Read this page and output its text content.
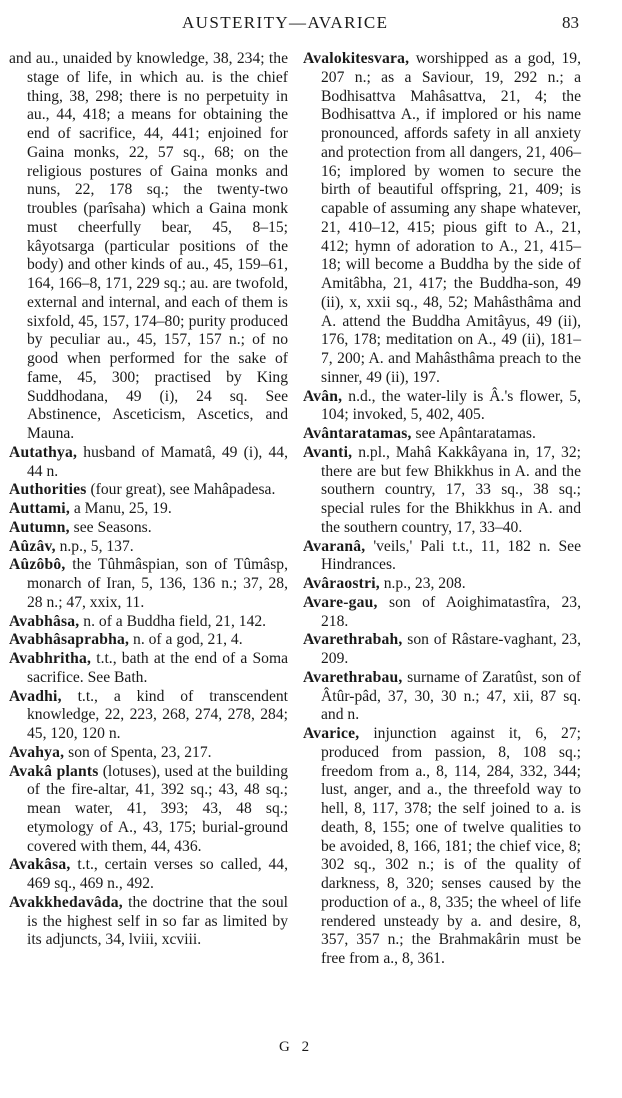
AUSTERITY—AVARICE	83

and au., unaided by knowledge, 38, 234; the stage of life, in which au. is the chief thing, 38, 298; there is no perpetuity in au., 44, 418; a means for obtaining the end of sacrifice, 44, 441; enjoined for Gaina monks, 22, 57 sq., 68; on the religious postures of Gaina monks and nuns, 22, 178 sq.; the twenty-two troubles (parîsaha) which a Gaina monk must cheerfully bear, 45, 8–15; kâyotsarga (particular positions of the body) and other kinds of au., 45, 159–61, 164, 166–8, 171, 229 sq.; au. are twofold, external and internal, and each of them is sixfold, 45, 157, 174–80; purity produced by peculiar au., 45, 157, 157 n.; of no good when performed for the sake of fame, 45, 300; practised by King Suddhodana, 49 (i), 24 sq. See Abstinence, Asceticism, Ascetics, and Mauna.

Autathya, husband of Mamatâ, 49 (i), 44, 44 n.

Authorities (four great), see Mahâpadesa.

Auttami, a Manu, 25, 19.

Autumn, see Seasons.

Aûzâv, n.p., 5, 137.

Aûzôbô, the Tûhmâspian, son of Tûmâsp, monarch of Iran, 5, 136, 136 n.; 37, 28, 28 n.; 47, xxix, 11.

Avabhâsa, n. of a Buddha field, 21, 142.

Avabhâsaprabha, n. of a god, 21, 4.

Avabhritha, t.t., bath at the end of a Soma sacrifice. See Bath.

Avadhi, t.t., a kind of transcendent knowledge, 22, 223, 268, 274, 278, 284; 45, 120, 120 n.

Avahya, son of Spenta, 23, 217.

Avakâ plants (lotuses), used at the building of the fire-altar, 41, 392 sq.; 43, 48 sq.; mean water, 41, 393; 43, 48 sq.; etymology of A., 43, 175; burial-ground covered with them, 44, 436.

Avakâsa, t.t., certain verses so called, 44, 469 sq., 469 n., 492.

Avakkhedavâda, the doctrine that the soul is the highest self in so far as limited by its adjuncts, 34, lviii, xcviii.

Avalokitesvara, worshipped as a god, 19, 207 n.; as a Saviour, 19, 292 n.; a Bodhisattva Mahâsattva, 21, 4; the Bodhisattva A., if implored or his name pronounced, affords safety in all anxiety and protection from all dangers, 21, 406–16; implored by women to secure the birth of beautiful offspring, 21, 409; is capable of assuming any shape whatever, 21, 410–12, 415; pious gift to A., 21, 412; hymn of adoration to A., 21, 415–18; will become a Buddha by the side of Amitâbha, 21, 417; the Buddha-son, 49 (ii), x, xxii sq., 48, 52; Mahâsthâma and A. attend the Buddha Amitâyus, 49 (ii), 176, 178; meditation on A., 49 (ii), 181–7, 200; A. and Mahâsthâma preach to the sinner, 49 (ii), 197.

Avân, n.d., the water-lily is Â.'s flower, 5, 104; invoked, 5, 402, 405.

Avântaratamas, see Apântaratamas.

Avanti, n.pl., Mahâ Kakkâyana in, 17, 32; there are but few Bhikkhus in A. and the southern country, 17, 33 sq., 38 sq.; special rules for the Bhikkhus in A. and the southern country, 17, 33–40.

Avaranâ, 'veils,' Pali t.t., 11, 182 n. See Hindrances.

Avâraostri, n.p., 23, 208.

Avare-gau, son of Aoighimatastîra, 23, 218.

Avarethrabah, son of Râstare-vaghant, 23, 209.

Avarethrabau, surname of Zaratûst, son of Âtûr-pâd, 37, 30, 30 n.; 47, xii, 87 sq. and n.

Avarice, injunction against it, 6, 27; produced from passion, 8, 108 sq.; freedom from a., 8, 114, 284, 332, 344; lust, anger, and a., the threefold way to hell, 8, 117, 378; the self joined to a. is death, 8, 155; one of twelve qualities to be avoided, 8, 166, 181; the chief vice, 8; 302 sq., 302 n.; is of the quality of darkness, 8, 320; senses caused by the production of a., 8, 335; the wheel of life rendered unsteady by a. and desire, 8, 357, 357 n.; the Brahmakârin must be free from a., 8, 361.

G 2
